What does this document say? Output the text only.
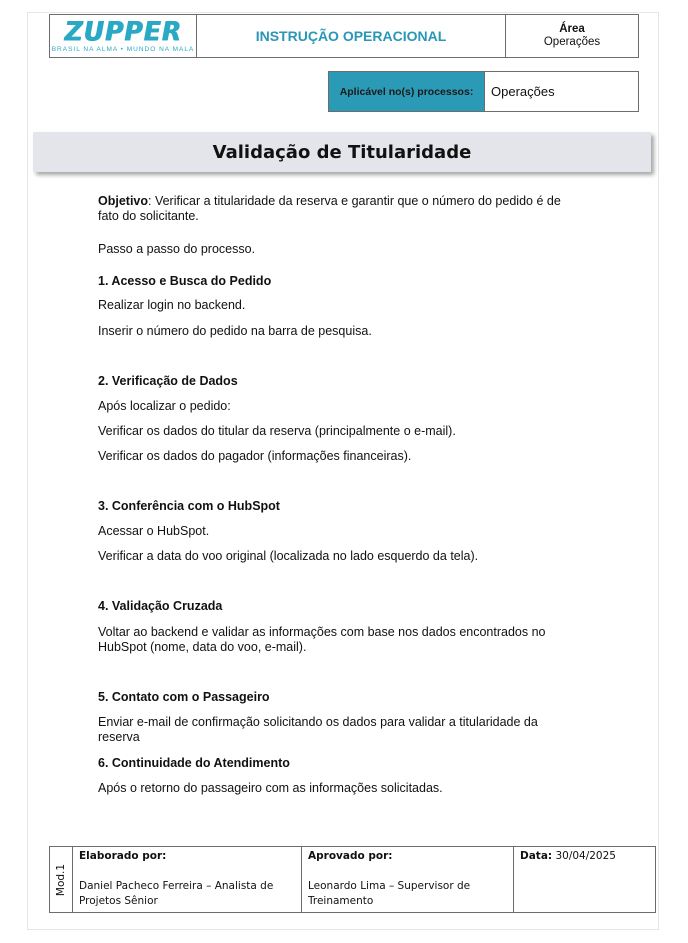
ZUPPER
BRASIL NA ALMA • MUNDO NA MALA
INSTRUÇÃO OPERACIONAL	Área
Operações
Aplicável no(s) processos:	Operações
Validação de Titularidade
Objetivo: Verificar a titularidade da reserva e garantir que o número do pedido é de fato do solicitante.
Passo a passo do processo.
1. Acesso e Busca do Pedido
Realizar login no backend.
Inserir o número do pedido na barra de pesquisa.
2. Verificação de Dados
Após localizar o pedido:
Verificar os dados do titular da reserva (principalmente o e-mail).
Verificar os dados do pagador (informações financeiras).
3. Conferência com o HubSpot
Acessar o HubSpot.
Verificar a data do voo original (localizada no lado esquerdo da tela).
4. Validação Cruzada
Voltar ao backend e validar as informações com base nos dados encontrados no HubSpot (nome, data do voo, e-mail).
5. Contato com o Passageiro
Enviar e-mail de confirmação solicitando os dados para validar a titularidade da reserva
6. Continuidade do Atendimento
Após o retorno do passageiro com as informações solicitadas.
Mod.1
Elaborado por:
Daniel Pacheco Ferreira – Analista de Projetos Sênior
Aprovado por:
Leonardo Lima – Supervisor de Treinamento
Data: 30/04/2025
